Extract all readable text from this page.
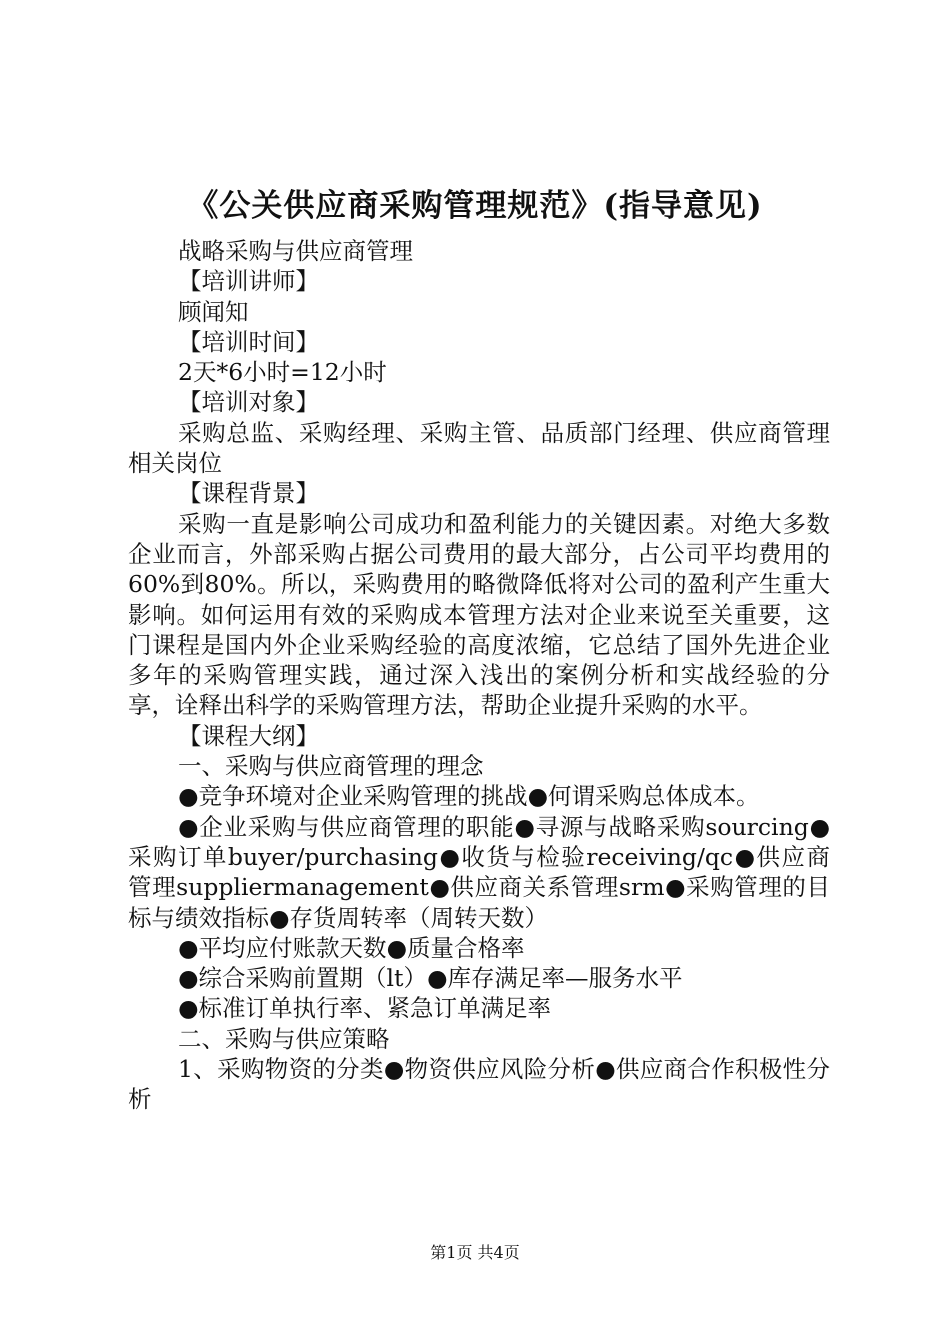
《公关供应商采购管理规范》(指导意见)

战略采购与供应商管理

【培训讲师】

顾闻知

【培训时间】

2天*6小时=12小时

【培训对象】

采购总监、采购经理、采购主管、品质部门经理、供应商管理相关岗位

【课程背景】

采购一直是影响公司成功和盈利能力的关键因素。对绝大多数企业而言，外部采购占据公司费用的最大部分，占公司平均费用的60%到80%。所以，采购费用的略微降低将对公司的盈利产生重大影响。如何运用有效的采购成本管理方法对企业来说至关重要，这门课程是国内外企业采购经验的高度浓缩，它总结了国外先进企业多年的采购管理实践，通过深入浅出的案例分析和实战经验的分享，诠释出科学的采购管理方法，帮助企业提升采购的水平。

【课程大纲】

一、采购与供应商管理的理念

●竞争环境对企业采购管理的挑战●何谓采购总体成本。

●企业采购与供应商管理的职能●寻源与战略采购sourcing●采购订单buyer/purchasing●收货与检验receiving/qc●供应商管理suppliermanagement●供应商关系管理srm●采购管理的目标与绩效指标●存货周转率（周转天数）

●平均应付账款天数●质量合格率

●综合采购前置期（lt）●库存满足率—服务水平

●标准订单执行率、紧急订单满足率

二、采购与供应策略

1、采购物资的分类●物资供应风险分析●供应商合作积极性分析

第1页 共4页
